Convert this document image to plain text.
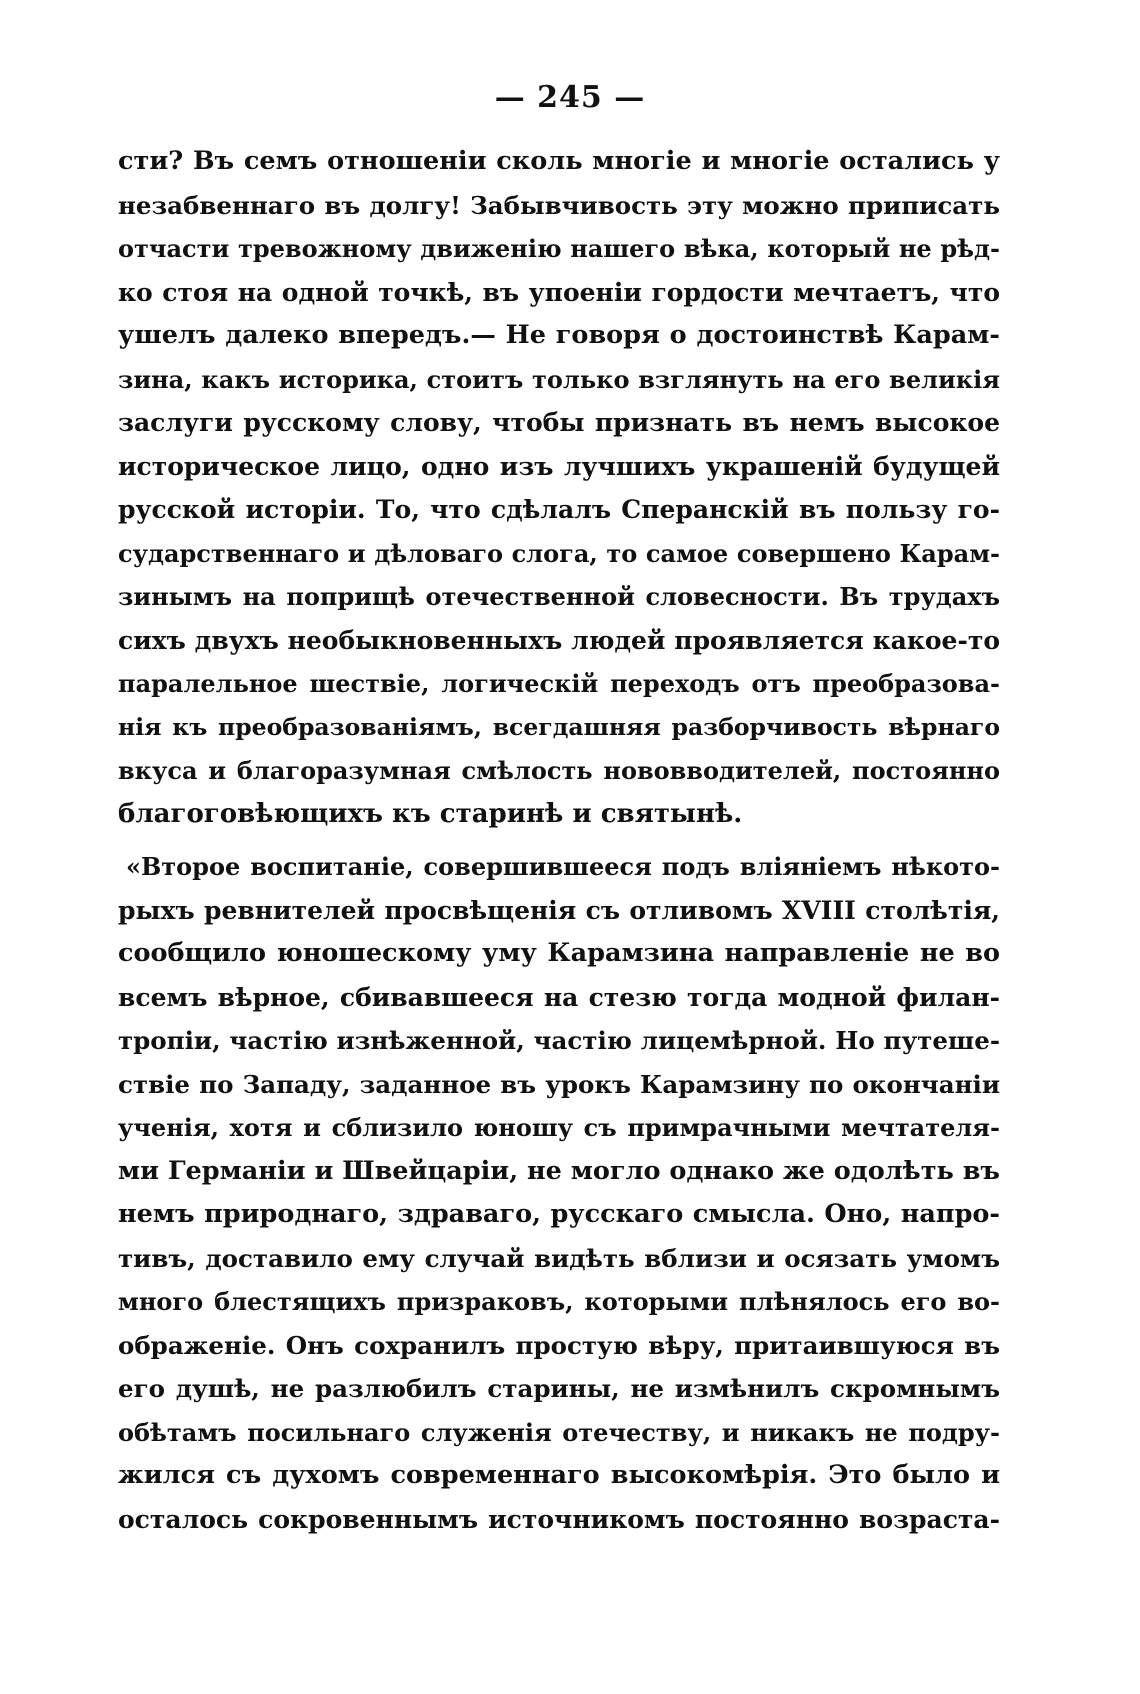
— 245 —
сти? Въ семъ отношеніи сколь многіе и многіе остались у
незабвеннаго въ долгу! Забывчивость эту можно приписать
отчасти тревожному движенію нашего вѣка, который не рѣд-
ко стоя на одной точкѣ, въ упоеніи гордости мечтаетъ, что
ушелъ далеко впередъ.— Не говоря о достоинствѣ Карам-
зина, какъ историка, стоитъ только взглянуть на его великія
заслуги русскому слову, чтобы признать въ немъ высокое
историческое лицо, одно изъ лучшихъ украшеній будущей
русской исторіи. То, что сдѣлалъ Сперанскій въ пользу го-
сударственнаго и дѣловаго слога, то самое совершено Карам-
зинымъ на поприщѣ отечественной словесности. Въ трудахъ
сихъ двухъ необыкновенныхъ людей проявляется какое-то
паралельное шествіе, логическій переходъ отъ преобразова-
нія къ преобразованіямъ, всегдашняя разборчивость вѣрнаго
вкуса и благоразумная смѣлость нововводителей, постоянно
благоговѣющихъ къ старинѣ и святынѣ.
«Второе воспитаніе, совершившееся подъ вліяніемъ нѣкото-
рыхъ ревнителей просвѣщенія съ отливомъ XVIII столѣтія,
сообщило юношескому уму Карамзина направленіе не во
всемъ вѣрное, сбивавшееся на стезю тогда модной филан-
тропіи, частію изнѣженной, частію лицемѣрной. Но путеше-
ствіе по Западу, заданное въ урокъ Карамзину по окончаніи
ученія, хотя и сблизило юношу съ примрачными мечтателя-
ми Германіи и Швейцаріи, не могло однако же одолѣть въ
немъ природнаго, здраваго, русскаго смысла. Оно, напро-
тивъ, доставило ему случай видѣть вблизи и осязать умомъ
много блестящихъ призраковъ, которыми плѣнялось его во-
ображеніе. Онъ сохранилъ простую вѣру, притаившуюся въ
его душѣ, не разлюбилъ старины, не измѣнилъ скромнымъ
обѣтамъ посильнаго служенія отечеству, и никакъ не подру-
жился съ духомъ современнаго высокомѣрія. Это было и
осталось сокровеннымъ источникомъ постоянно возраста-
